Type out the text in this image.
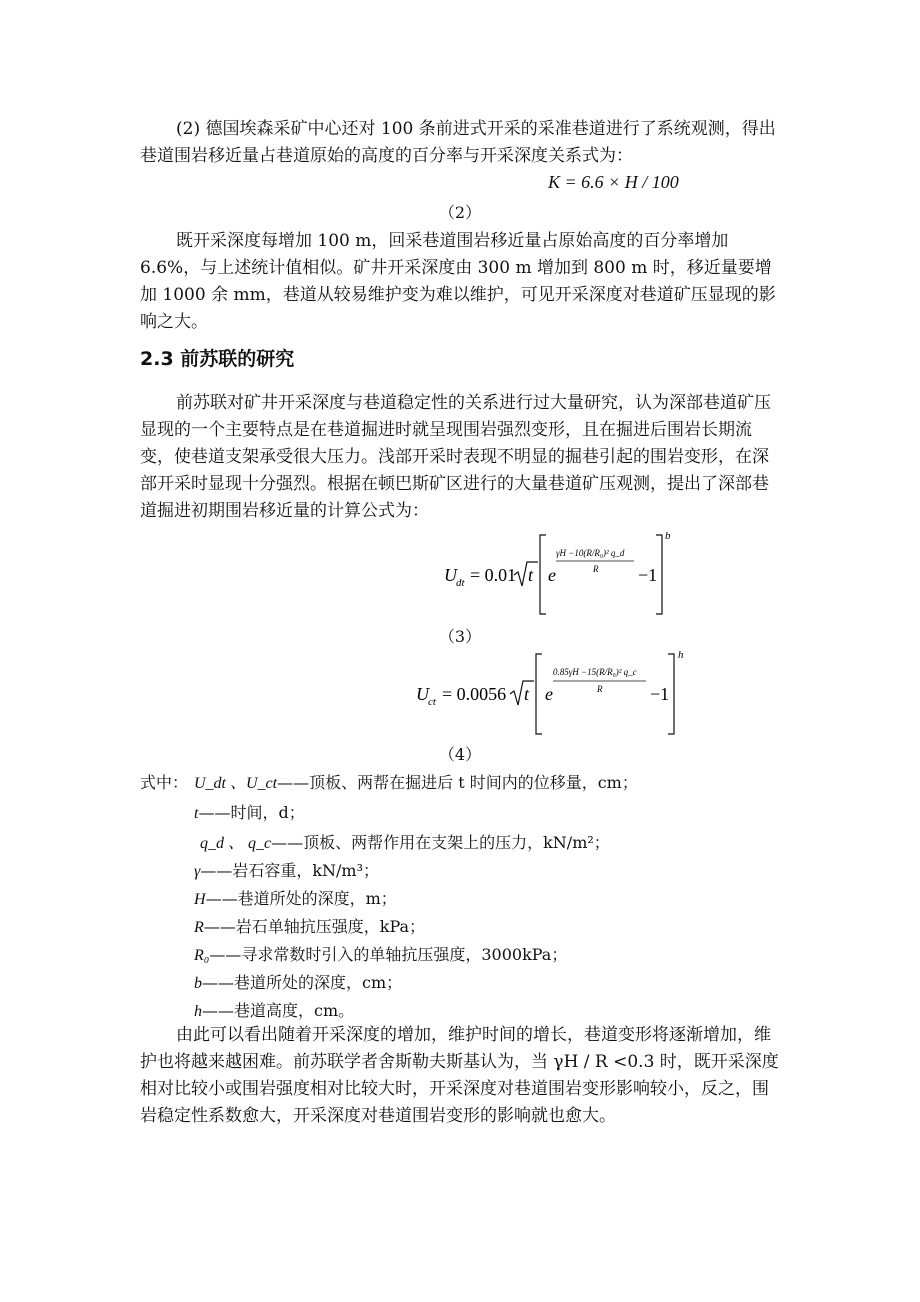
(2) 德国埃森采矿中心还对 100 条前进式开采的采准巷道进行了系统观测，得出巷道围岩移近量占巷道原始的高度的百分率与开采深度关系式为：
K = 6.6 × H / 100
（2）
既开采深度每增加 100 m，回采巷道围岩移近量占原始高度的百分率增加 6.6%，与上述统计值相似。矿井开采深度由 300 m 增加到 800 m 时，移近量要增加 1000 余 mm，巷道从较易维护变为难以维护，可见开采深度对巷道矿压显现的影响之大。
2.3 前苏联的研究
前苏联对矿井开采深度与巷道稳定性的关系进行过大量研究，认为深部巷道矿压显现的一个主要特点是在巷道掘进时就呈现围岩强烈变形，且在掘进后围岩长期流变，使巷道支架承受很大压力。浅部开采时表现不明显的掘巷引起的围岩变形，在深部开采时显现十分强烈。根据在顿巴斯矿区进行的大量巷道矿压观测，提出了深部巷道掘进初期围岩移近量的计算公式为：
U dt = 0.01 t e
γH −10(R/R₀)² q_d
R −1
b
（3）
U ct = 0.0056 t e
0.85γH −15(R/R₀)² q_c
R	−1
h
（4）
式中： U_dt 、U_ct——顶板、两帮在掘进后 t 时间内的位移量，cm；
t——时间，d；
q_d 、 q_c——顶板、两帮作用在支架上的压力，kN/m²；
γ——岩石容重，kN/m³；
H——巷道所处的深度，m；
R——岩石单轴抗压强度，kPa；
R₀——寻求常数时引入的单轴抗压强度，3000kPa；
b——巷道所处的深度，cm；
h——巷道高度，cm。
由此可以看出随着开采深度的增加，维护时间的增长，巷道变形将逐渐增加，维护也将越来越困难。前苏联学者舍斯勒夫斯基认为，当 γH / R <0.3 时，既开采深度相对比较小或围岩强度相对比较大时，开采深度对巷道围岩变形影响较小，反之，围岩稳定性系数愈大，开采深度对巷道围岩变形的影响就也愈大。
